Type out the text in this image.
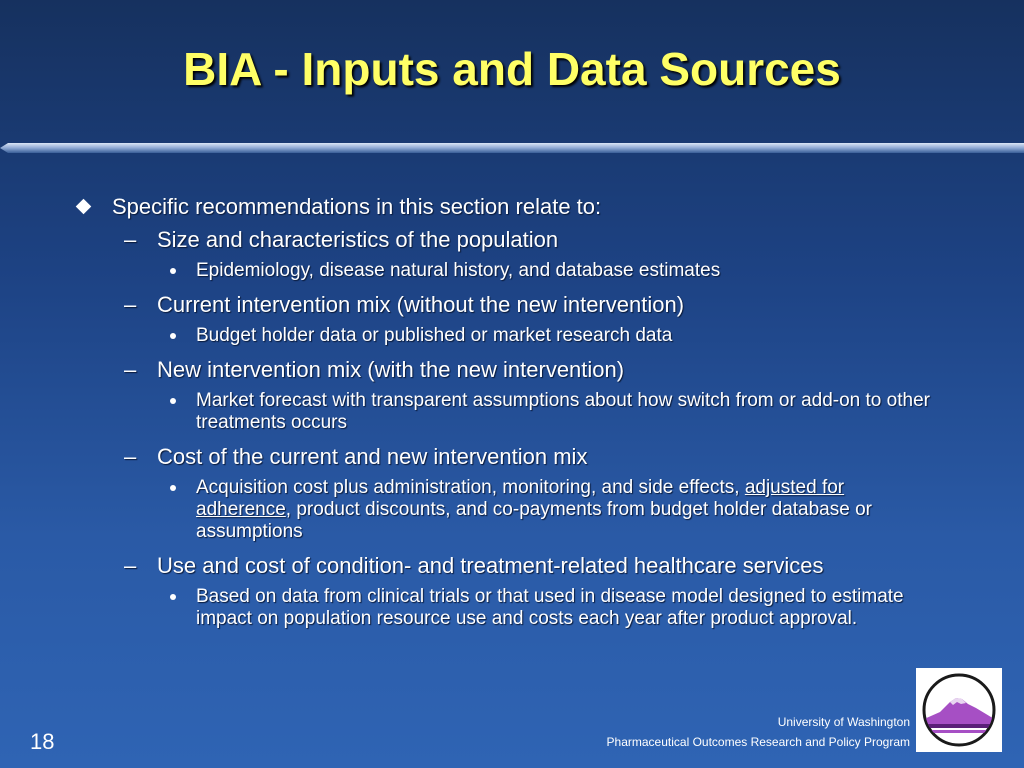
BIA - Inputs and Data Sources
Specific recommendations in this section relate to:
– Size and characteristics of the population
Epidemiology, disease natural history, and database estimates
– Current intervention mix (without the new intervention)
Budget holder data or published or market research data
– New intervention mix (with the new intervention)
Market forecast with transparent assumptions about how switch from or add-on to other treatments occurs
– Cost of the current and new intervention mix
Acquisition cost plus administration, monitoring, and side effects, adjusted for adherence, product discounts, and co-payments from budget holder database or assumptions
– Use and cost of condition- and treatment-related healthcare services
Based on data from clinical trials or that used in disease model designed to estimate impact on population resource use and costs each year after product approval.
18
University of Washington
Pharmaceutical Outcomes Research and Policy Program
